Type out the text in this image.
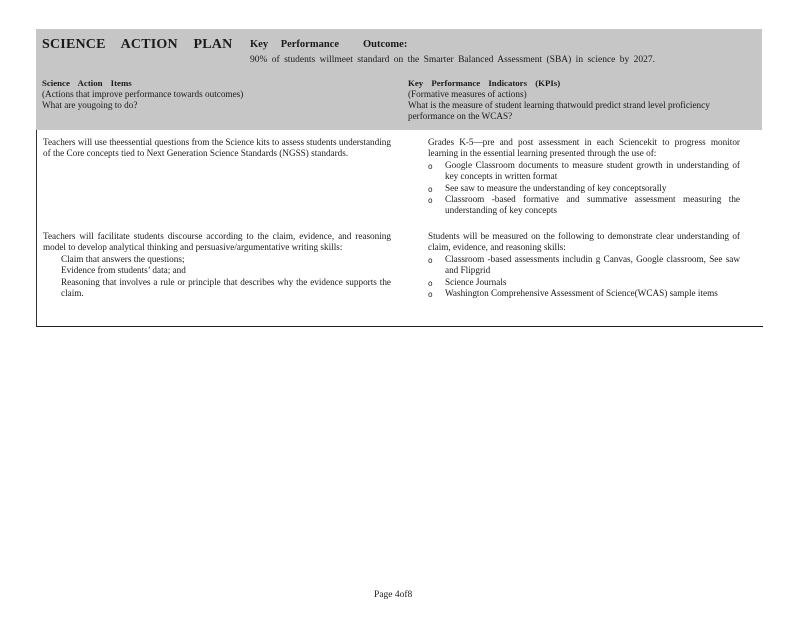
SCIENCE ACTION PLAN Key Performance Outcome:
90% of students willmeet standard on the Smarter Balanced Assessment (SBA) in science by 2027.
Science Action Items
(Actions that improve performance towards outcomes)
What are yougoing to do?
Key Performance Indicators (KPIs)
(Formative measures of actions)
What is the measure of student learning thatwould predict strand level proficiency performance on the WCAS?
Teachers will use theessential questions from the Science kits to assess students understanding of the Core concepts tied to Next Generation Science Standards (NGSS) standards.
Grades K-5—pre and post assessment in each Sciencekit to progress monitor learning in the essential learning presented through the use of:
o Google Classroom documents to measure student growth in understanding of key concepts in written format
o See saw to measure the understanding of key conceptsorally
o Classroom -based formative and summative assessment measuring the understanding of key concepts
Teachers will facilitate students discourse according to the claim, evidence, and reasoning model to develop analytical thinking and persuasive/argumentative writing skills:
Claim that answers the questions;
Evidence from students’ data; and
Reasoning that involves a rule or principle that describes why the evidence supports the claim.
Students will be measured on the following to demonstrate clear understanding of claim, evidence, and reasoning skills:
o Classroom -based assessments includin g Canvas, Google classroom, See saw and Flipgrid
o Science Journals
o Washington Comprehensive Assessment of Science(WCAS) sample items
Page 4of8
